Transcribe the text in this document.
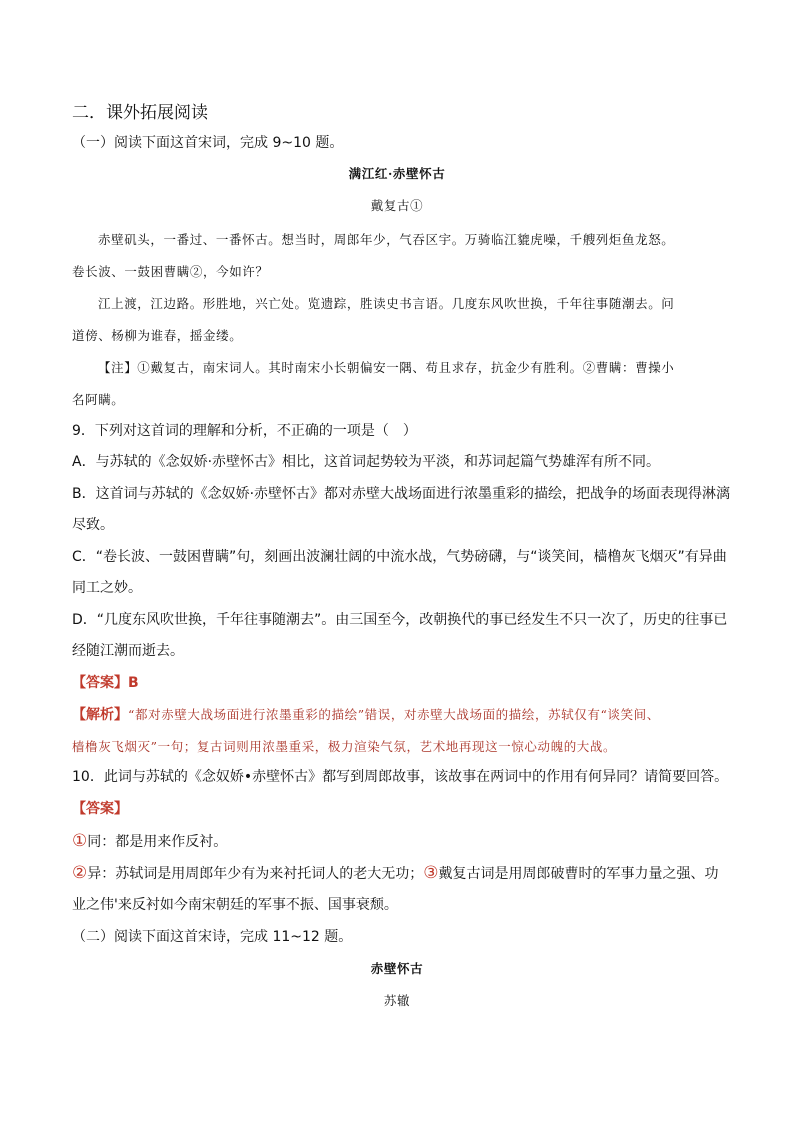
二．课外拓展阅读
（一）阅读下面这首宋词，完成 9~10 题。
满江红·赤壁怀古
戴复古①
赤壁矶头，一番过、一番怀古。想当时，周郎年少，气吞区宇。万骑临江貔虎噪，千艘列炬鱼龙怒。
卷长波、一鼓困曹瞒②，今如许？
江上渡，江边路。形胜地，兴亡处。览遗踪，胜读史书言语。几度东风吹世换，千年往事随潮去。问
道傍、杨柳为谁春，摇金缕。
【注】①戴复古，南宋词人。其时南宋小长朝偏安一隅、苟且求存，抗金少有胜利。②曹瞒：曹操小
名阿瞒。
9．下列对这首词的理解和分析，不正确的一项是（　）
A．与苏轼的《念奴娇·赤壁怀古》相比，这首词起势较为平淡，和苏词起篇气势雄浑有所不同。
B．这首词与苏轼的《念奴娇·赤壁怀古》都对赤壁大战场面进行浓墨重彩的描绘，把战争的场面表现得淋漓
尽致。
C．“卷长波、一鼓困曹瞒”句，刻画出波澜壮阔的中流水战，气势磅礴，与“谈笑间，樯橹灰飞烟灭”有异曲
同工之妙。
D．“几度东风吹世换，千年往事随潮去”。由三国至今，改朝换代的事已经发生不只一次了，历史的往事已
经随江潮而逝去。
【答案】B
【解析】“都对赤壁大战场面进行浓墨重彩的描绘”错误，对赤壁大战场面的描绘，苏轼仅有“谈笑间、
樯橹灰飞烟灭”一句；复古词则用浓墨重采，极力渲染气氛，艺术地再现这一惊心动魄的大战。
10．此词与苏轼的《念奴娇•赤壁怀古》都写到周郎故事，该故事在两词中的作用有何异同？请简要回答。
【答案】
①同：都是用来作反衬。
②异：苏轼词是用周郎年少有为来衬托词人的老大无功；③戴复古词是用周郎破曹时的军事力量之强、功
业之伟'来反衬如今南宋朝廷的军事不振、国事衰颓。
（二）阅读下面这首宋诗，完成 11~12 题。
赤壁怀古
苏辙
